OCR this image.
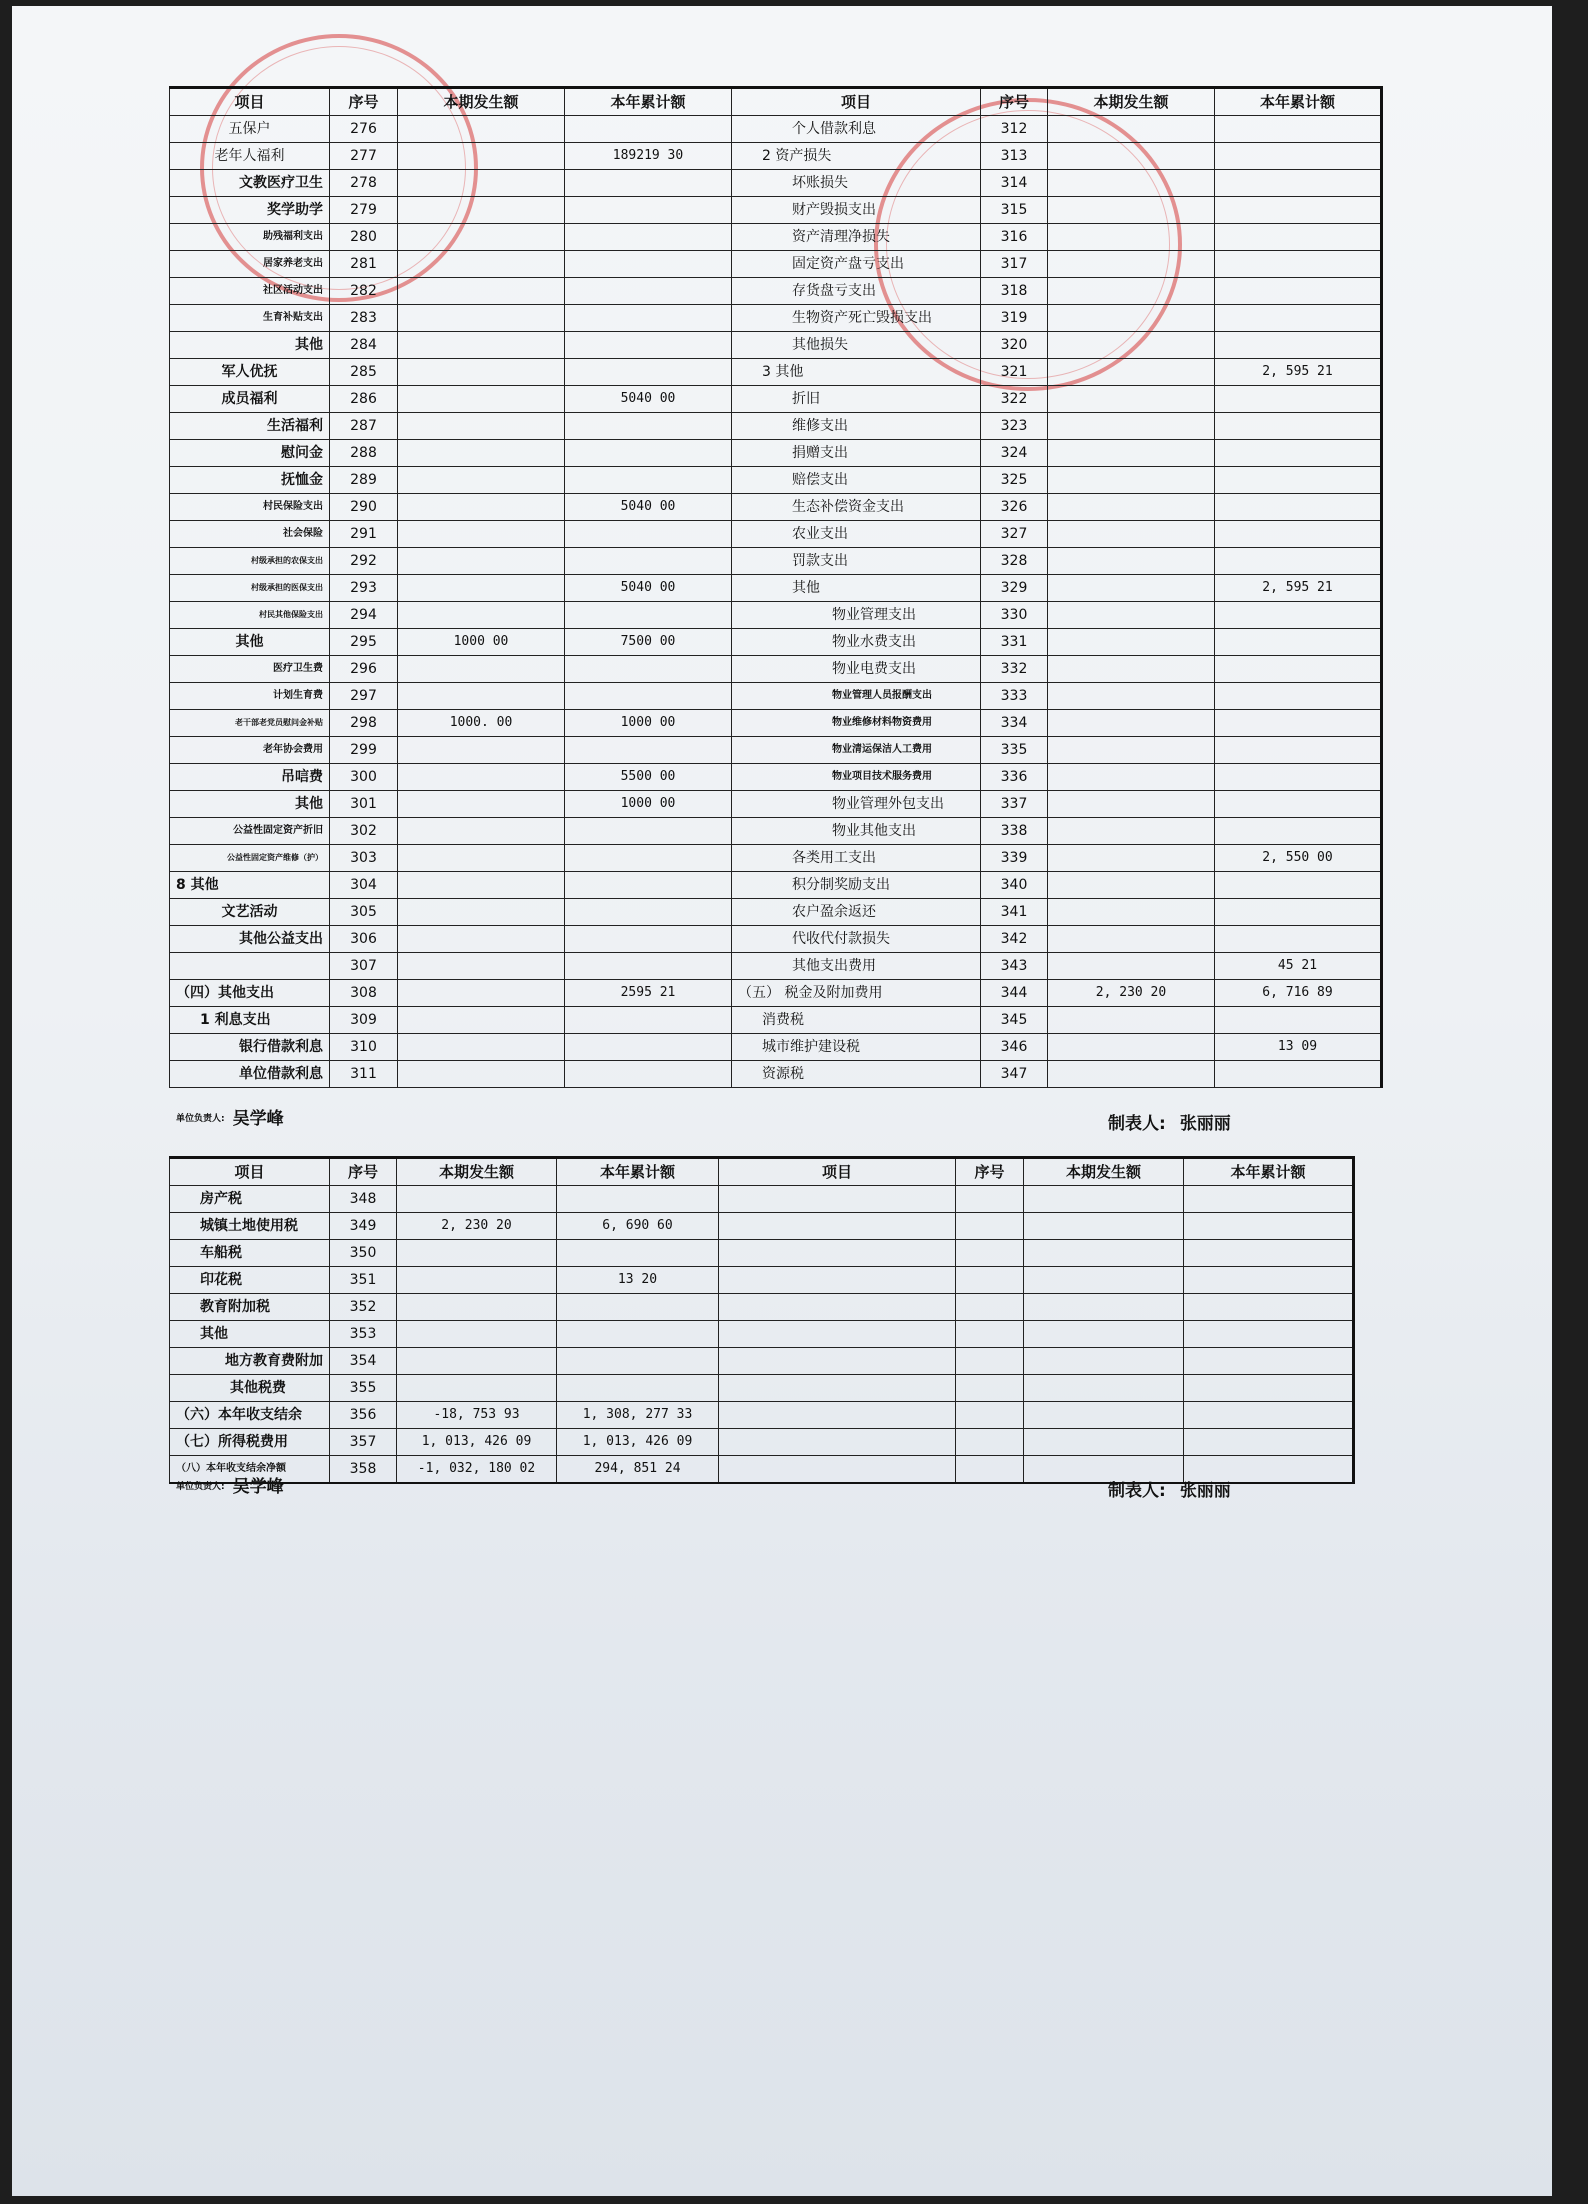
项目	序号	本期发生额	本年累计额	项目	序号	本期发生额	本年累计额
五保户	276			个人借款利息	312		
老年人福利	277		189219 30	2 资产损失	313		
文教医疗卫生	278			坏账损失	314		
奖学助学	279			财产毁损支出	315		
助残福利支出	280			资产清理净损失	316		
居家养老支出	281			固定资产盘亏支出	317		
社区活动支出	282			存货盘亏支出	318		
生育补贴支出	283			生物资产死亡毁损支出	319		
其他	284			其他损失	320		
军人优抚	285			3 其他	321		2, 595 21
成员福利	286		5040 00	折旧	322		
生活福利	287			维修支出	323		
慰问金	288			捐赠支出	324		
抚恤金	289			赔偿支出	325		
村民保险支出	290		5040 00	生态补偿资金支出	326		
社会保险	291			农业支出	327		
村级承担的农保支出	292			罚款支出	328		
村级承担的医保支出	293		5040 00	其他	329		2, 595 21
村民其他保险支出	294			物业管理支出	330		
其他	295	1000 00	7500 00	物业水费支出	331		
医疗卫生费	296			物业电费支出	332		
计划生育费	297			物业管理人员报酬支出	333		
老干部老党员慰问金补贴	298	1000. 00	1000 00	物业维修材料物资费用	334		
老年协会费用	299			物业清运保洁人工费用	335		
吊唁费	300		5500 00	物业项目技术服务费用	336		
其他	301		1000 00	物业管理外包支出	337		
公益性固定资产折旧	302			物业其他支出	338		
公益性固定资产维修（护）	303			各类用工支出	339		2, 550 00
8 其他	304			积分制奖励支出	340		
文艺活动	305			农户盈余返还	341		
其他公益支出	306			代收代付款损失	342		
	307			其他支出费用	343		45 21
（四）其他支出	308		2595 21	（五） 税金及附加费用	344	2, 230 20	6, 716 89
1 利息支出	309			消费税	345		
银行借款利息	310			城市维护建设税	346		13 09
单位借款利息	311			资源税	347		
单位负责人: 吴学峰	制表人: 张丽丽
项目	序号	本期发生额	本年累计额	项目	序号	本期发生额	本年累计额
房产税	348						
城镇土地使用税	349	2, 230 20	6, 690 60				
车船税	350						
印花税	351		13 20				
教育附加税	352						
其他	353						
地方教育费附加	354						
其他税费	355						
（六）本年收支结余	356	-18, 753 93	1, 308, 277 33				
（七）所得税费用	357	1, 013, 426 09	1, 013, 426 09				
（八）本年收支结余净额	358	-1, 032, 180 02	294, 851 24				
单位负责人: 吴学峰	制表人: 张丽丽
